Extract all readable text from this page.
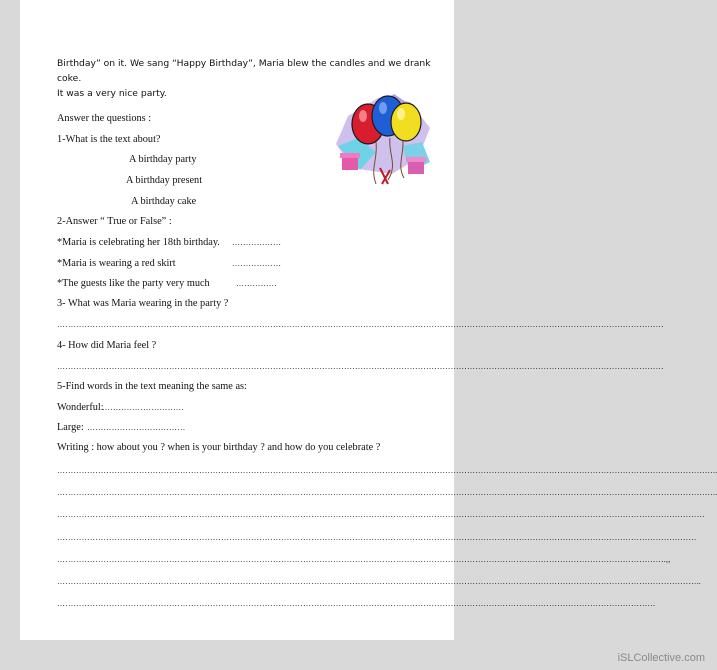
Birthday” on it. We sang “Happy Birthday”, Maria blew the candles and we drank coke.
It was a very nice party.
Answer the questions :
1-What is the text about?
A birthday party
A birthday present
A birthday cake
2-Answer “ True or False” :
*Maria is celebrating her 18th birthday. ………………
*Maria is wearing a red skirt	………………
*The guests like the party very much	……………
3- What was Maria wearing in the party ?
……………………………………………………………………………………………………………………………………………………………………………………………………
4- How did Maria feel ?
……………………………………………………………………………………………………………………………………………………………………………………………………
5-Find words in the text meaning the same as:
Wonderful:
…………………………
Large: ………………………………
Writing : how about you ? when is your birthday ? and how do you celebrate ?
……………………………………………………………………………………………………………………………………………………………………………………………………………………..
……………………………………………………………………………………………………………………………………………………………………………………………………………………..
…………………………………………………………………………………………………………………………………………………………………………………………………………………
………………………………………………………………………………………………………………………………………………………………………………………………………………
…………………………………………………………………………………………………………………………………………………………………………………………………….,,
………………………………………………………………………………………………………………………………………………………………………………………………………………..
…………………………………………………………………………………………………………………………………………………………………………………………………
iSLCollective.com
